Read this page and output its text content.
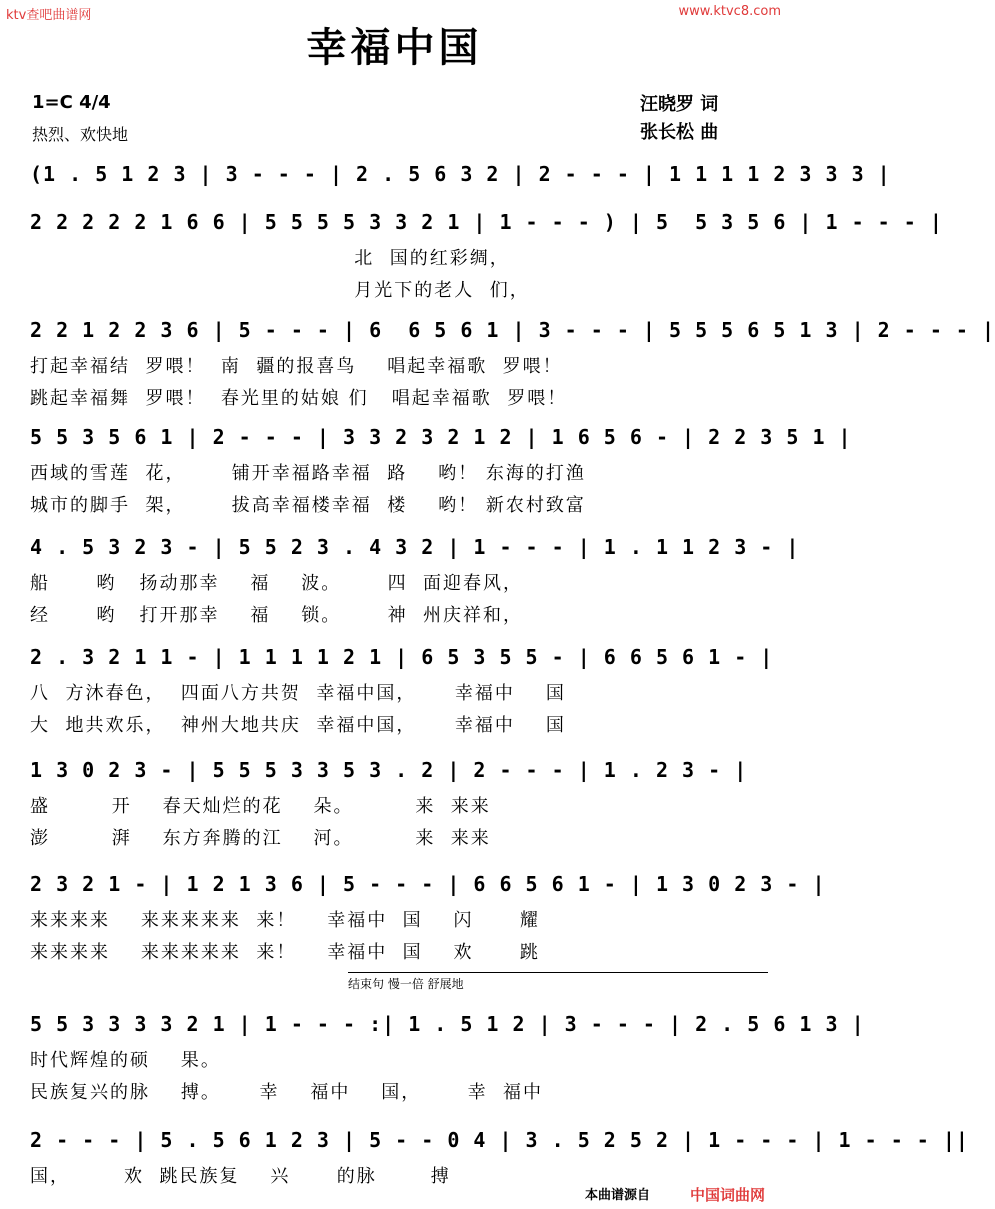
ktv查吧曲谱网	www.ktvc8.com
幸福中国
1=C 4/4
热烈、欢快地
汪晓罗 词
张长松 曲
结束句 慢一倍 舒展地
(1 . 5 1 2 3 | 3 - - - | 2 . 5 6 3 2 | 2 - - - | 1 1 1 1 2 3 3 3 |
2 2 2 2 2 1 6 6 | 5 5 5 5 3 3 2 1 | 1 - - - ) | 5  5 3 5 6 | 1 - - - |
北  国的红彩绸，
月光下的老人  们，
2 2 1 2 2 3 6 | 5 - - - | 6  6 5 6 1 | 3 - - - | 5 5 5 6 5 1 3 | 2 - - - |
打起幸福结  罗喂！  南  疆的报喜鸟    唱起幸福歌  罗喂！
跳起幸福舞  罗喂！  春光里的姑娘 们   唱起幸福歌  罗喂！
5 5 3 5 6 1 | 2 - - - | 3 3 2 3 2 1 2 | 1 6 5 6 - | 2 2 3 5 1 |
西域的雪莲  花，      铺开幸福路幸福  路    哟！ 东海的打渔
城市的脚手  架，      拔高幸福楼幸福  楼    哟！ 新农村致富
4 . 5 3 2 3 - | 5 5 2 3 . 4 3 2 | 1 - - - | 1 . 1 1 2 3 - |
船      哟   扬动那幸    福    波。      四  面迎春风，
经      哟   打开那幸    福    锁。      神  州庆祥和，
2 . 3 2 1 1 - | 1 1 1 1 2 1 | 6 5 3 5 5 - | 6 6 5 6 1 - |
八  方沐春色，  四面八方共贺  幸福中国，     幸福中    国
大  地共欢乐，  神州大地共庆  幸福中国，     幸福中    国
1 3 0 2 3 - | 5 5 5 3 3 5 3 . 2 | 2 - - - | 1 . 2 3 - |
盛        开    春天灿烂的花    朵。        来  来来
澎        湃    东方奔腾的江    河。        来  来来
2 3 2 1 - | 1 2 1 3 6 | 5 - - - | 6 6 5 6 1 - | 1 3 0 2 3 - |
来来来来    来来来来来  来！    幸福中  国    闪      耀
来来来来    来来来来来  来！    幸福中  国    欢      跳
5 5 3 3 3 3 2 1 | 1 - - - :| 1 . 5 1 2 | 3 - - - | 2 . 5 6 1 3 |
时代辉煌的硕    果。
民族复兴的脉    搏。     幸    福中    国，      幸  福中
2 - - - | 5 . 5 6 1 2 3 | 5 - - 0 4 | 3 . 5 2 5 2 | 1 - - - | 1 - - - ||
国，       欢  跳民族复    兴      的脉       搏
本曲谱源自	中国词曲网
